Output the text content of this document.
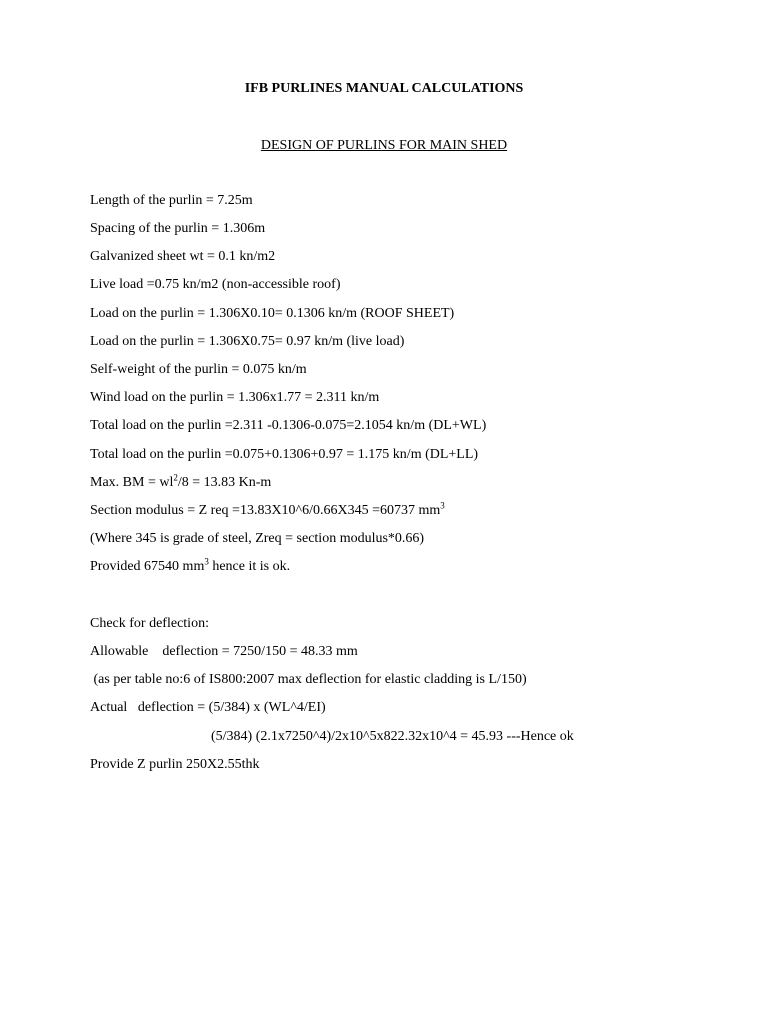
IFB PURLINES MANUAL CALCULATIONS
DESIGN OF PURLINS FOR MAIN SHED
Length of the purlin = 7.25m
Spacing of the purlin = 1.306m
Galvanized sheet wt = 0.1 kn/m2
Live load =0.75 kn/m2 (non-accessible roof)
Load on the purlin = 1.306X0.10= 0.1306 kn/m (ROOF SHEET)
Load on the purlin = 1.306X0.75= 0.97 kn/m (live load)
Self-weight of the purlin = 0.075 kn/m
Wind load on the purlin = 1.306x1.77 = 2.311 kn/m
Total load on the purlin =2.311 -0.1306-0.075=2.1054 kn/m (DL+WL)
Total load on the purlin =0.075+0.1306+0.97 = 1.175 kn/m (DL+LL)
Max. BM = $wl^2/8 = 13.83$ Kn-m
Section modulus = Z req =13.83X10^6/0.66X345 =60737 $mm^3$
(Where 345 is grade of steel, Zreq = section modulus*0.66)
Provided 67540 $mm^3$ hence it is ok.
Check for deflection:
Allowable    deflection = 7250/150 = 48.33 mm
(as per table no:6 of IS800:2007 max deflection for elastic cladding is L/150)
Actual   deflection = (5/384) x (WL^4/EI)
(5/384) (2.1x7250^4)/2x10^5x822.32x10^4 = 45.93 ---Hence ok
Provide Z purlin 250X2.55thk
